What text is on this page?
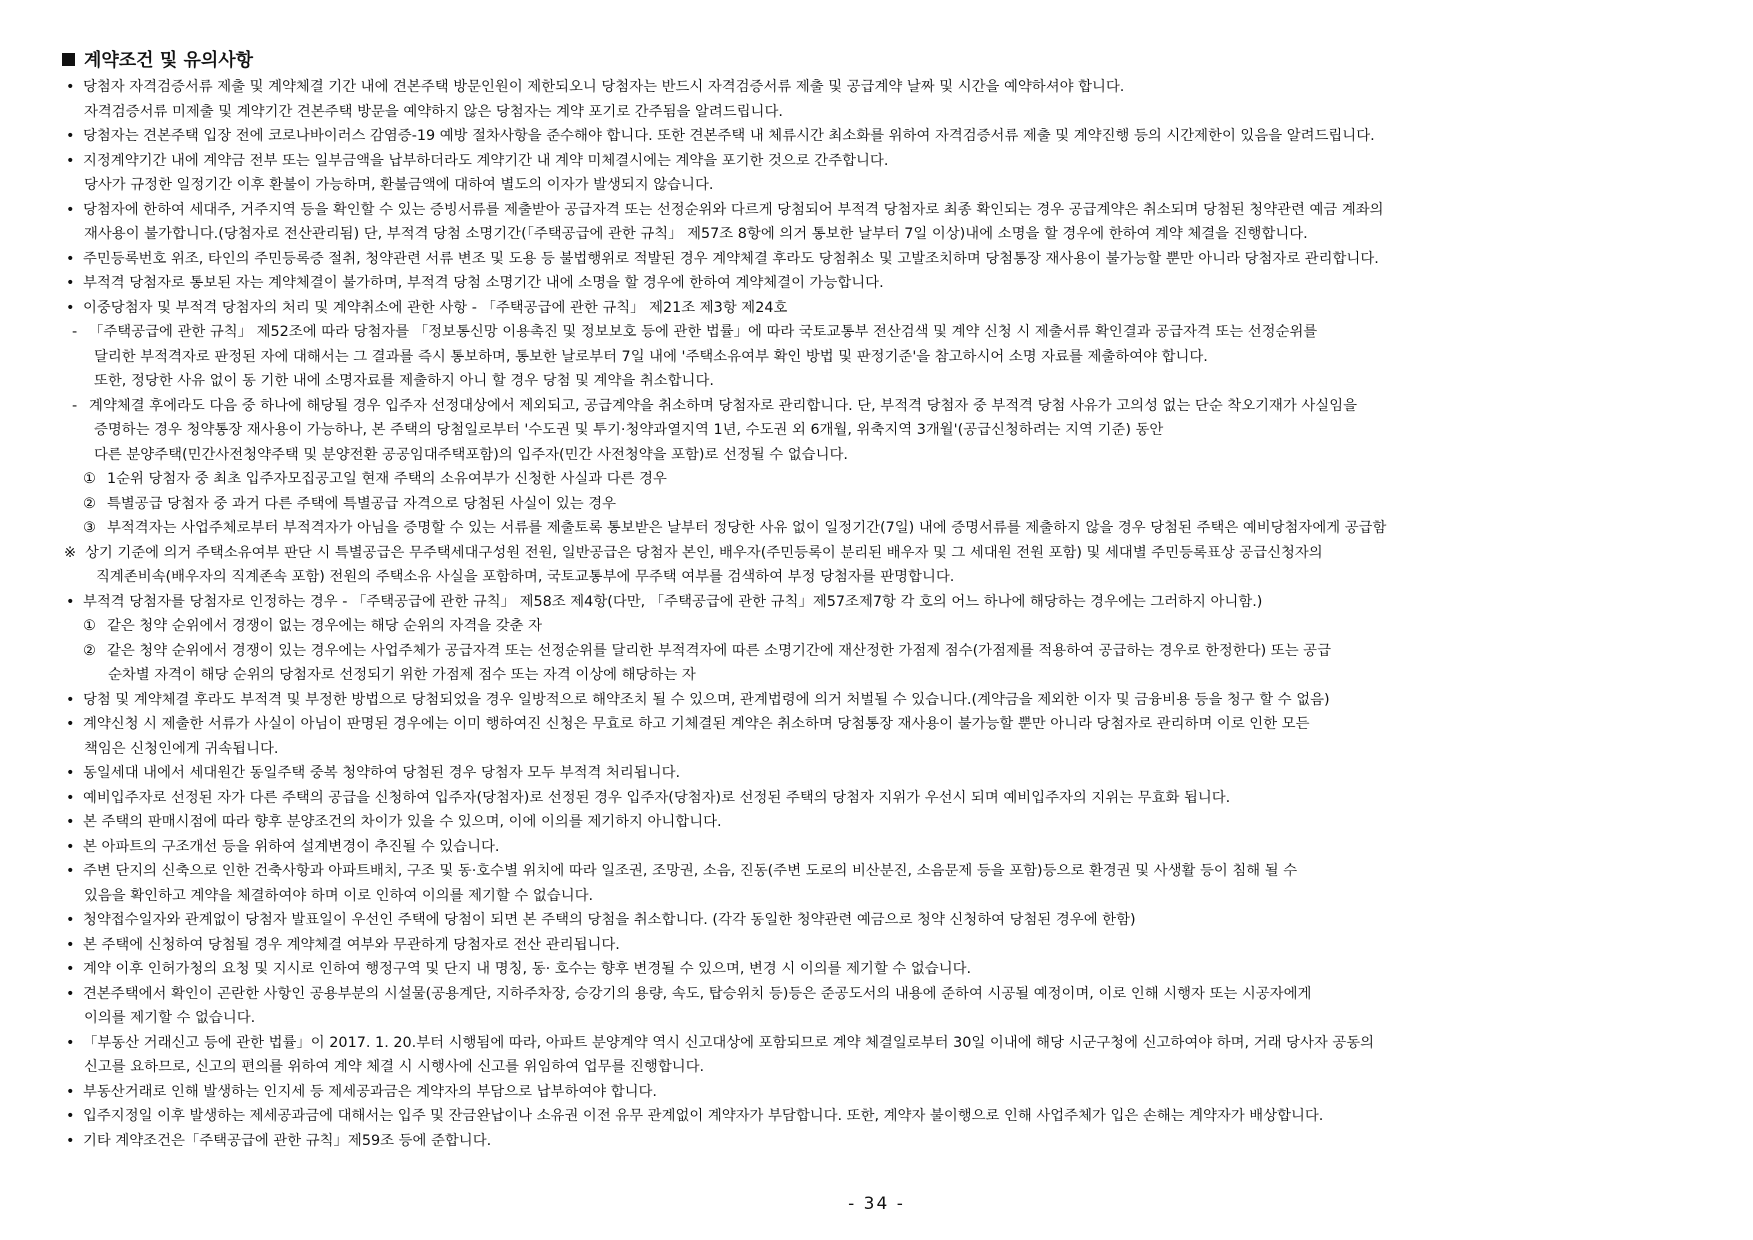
계약조건 및 유의사항
• 당첨자 자격검증서류 제출 및 계약체결 기간 내에 견본주택 방문인원이 제한되오니 당첨자는 반드시 자격검증서류 제출 및 공급계약 날짜 및 시간을 예약하셔야 합니다.
자격검증서류 미제출 및 계약기간 견본주택 방문을 예약하지 않은 당첨자는 계약 포기로 간주됨을 알려드립니다.
• 당첨자는 견본주택 입장 전에 코로나바이러스 감염증-19 예방 절차사항을 준수해야 합니다. 또한 견본주택 내 체류시간 최소화를 위하여 자격검증서류 제출 및 계약진행 등의 시간제한이 있음을 알려드립니다.
• 지정계약기간 내에 계약금 전부 또는 일부금액을 납부하더라도 계약기간 내 계약 미체결시에는 계약을 포기한 것으로 간주합니다.
당사가 규정한 일정기간 이후 환불이 가능하며, 환불금액에 대하여 별도의 이자가 발생되지 않습니다.
• 당첨자에 한하여 세대주, 거주지역 등을 확인할 수 있는 증빙서류를 제출받아 공급자격 또는 선정순위와 다르게 당첨되어 부적격 당첨자로 최종 확인되는 경우 공급계약은 취소되며 당첨된 청약관련 예금 계좌의
재사용이 불가합니다.(당첨자로 전산관리됨) 단, 부적격 당첨 소명기간(「주택공급에 관한 규칙」 제57조 8항에 의거 통보한 날부터 7일 이상)내에 소명을 할 경우에 한하여 계약 체결을 진행합니다.
• 주민등록번호 위조, 타인의 주민등록증 절취, 청약관련 서류 변조 및 도용 등 불법행위로 적발된 경우 계약체결 후라도 당첨취소 및 고발조치하며 당첨통장 재사용이 불가능할 뿐만 아니라 당첨자로 관리합니다.
• 부적격 당첨자로 통보된 자는 계약체결이 불가하며, 부적격 당첨 소명기간 내에 소명을 할 경우에 한하여 계약체결이 가능합니다.
• 이중당첨자 및 부적격 당첨자의 처리 및 계약취소에 관한 사항 - 「주택공급에 관한 규칙」 제21조 제3항 제24호
- 「주택공급에 관한 규칙」 제52조에 따라 당첨자를 「정보통신망 이용촉진 및 정보보호 등에 관한 법률」에 따라 국토교통부 전산검색 및 계약 신청 시 제출서류 확인결과 공급자격 또는 선정순위를
달리한 부적격자로 판정된 자에 대해서는 그 결과를 즉시 통보하며, 통보한 날로부터 7일 내에 '주택소유여부 확인 방법 및 판정기준'을 참고하시어 소명 자료를 제출하여야 합니다.
또한, 정당한 사유 없이 동 기한 내에 소명자료를 제출하지 아니 할 경우 당첨 및 계약을 취소합니다.
- 계약체결 후에라도 다음 중 하나에 해당될 경우 입주자 선정대상에서 제외되고, 공급계약을 취소하며 당첨자로 관리합니다. 단, 부적격 당첨자 중 부적격 당첨 사유가 고의성 없는 단순 착오기재가 사실임을
증명하는 경우 청약통장 재사용이 가능하나, 본 주택의 당첨일로부터 '수도권 및 투기·청약과열지역 1년, 수도권 외 6개월, 위축지역 3개월'(공급신청하려는 지역 기준) 동안
다른 분양주택(민간사전청약주택 및 분양전환 공공임대주택포함)의 입주자(민간 사전청약을 포함)로 선정될 수 없습니다.
① 1순위 당첨자 중 최초 입주자모집공고일 현재 주택의 소유여부가 신청한 사실과 다른 경우
② 특별공급 당첨자 중 과거 다른 주택에 특별공급 자격으로 당첨된 사실이 있는 경우
③ 부적격자는 사업주체로부터 부적격자가 아님을 증명할 수 있는 서류를 제출토록 통보받은 날부터 정당한 사유 없이 일정기간(7일) 내에 증명서류를 제출하지 않을 경우 당첨된 주택은 예비당첨자에게 공급함
※ 상기 기준에 의거 주택소유여부 판단 시 특별공급은 무주택세대구성원 전원, 일반공급은 당첨자 본인, 배우자(주민등록이 분리된 배우자 및 그 세대원 전원 포함) 및 세대별 주민등록표상 공급신청자의
직계존비속(배우자의 직계존속 포함) 전원의 주택소유 사실을 포함하며, 국토교통부에 무주택 여부를 검색하여 부정 당첨자를 판명합니다.
• 부적격 당첨자를 당첨자로 인정하는 경우 - 「주택공급에 관한 규칙」 제58조 제4항(다만, 「주택공급에 관한 규칙」제57조제7항 각 호의 어느 하나에 해당하는 경우에는 그러하지 아니함.)
① 같은 청약 순위에서 경쟁이 없는 경우에는 해당 순위의 자격을 갖춘 자
② 같은 청약 순위에서 경쟁이 있는 경우에는 사업주체가 공급자격 또는 선정순위를 달리한 부적격자에 따른 소명기간에 재산정한 가점제 점수(가점제를 적용하여 공급하는 경우로 한정한다) 또는 공급
순차별 자격이 해당 순위의 당첨자로 선정되기 위한 가점제 점수 또는 자격 이상에 해당하는 자
• 당첨 및 계약체결 후라도 부적격 및 부정한 방법으로 당첨되었을 경우 일방적으로 해약조치 될 수 있으며, 관계법령에 의거 처벌될 수 있습니다.(계약금을 제외한 이자 및 금융비용 등을 청구 할 수 없음)
• 계약신청 시 제출한 서류가 사실이 아님이 판명된 경우에는 이미 행하여진 신청은 무효로 하고 기체결된 계약은 취소하며 당첨통장 재사용이 불가능할 뿐만 아니라 당첨자로 관리하며 이로 인한 모든
책임은 신청인에게 귀속됩니다.
• 동일세대 내에서 세대원간 동일주택 중복 청약하여 당첨된 경우 당첨자 모두 부적격 처리됩니다.
• 예비입주자로 선정된 자가 다른 주택의 공급을 신청하여 입주자(당첨자)로 선정된 경우 입주자(당첨자)로 선정된 주택의 당첨자 지위가 우선시 되며 예비입주자의 지위는 무효화 됩니다.
• 본 주택의 판매시점에 따라 향후 분양조건의 차이가 있을 수 있으며, 이에 이의를 제기하지 아니합니다.
• 본 아파트의 구조개선 등을 위하여 설계변경이 추진될 수 있습니다.
• 주변 단지의 신축으로 인한 건축사항과 아파트배치, 구조 및 동·호수별 위치에 따라 일조권, 조망권, 소음, 진동(주변 도로의 비산분진, 소음문제 등을 포함)등으로 환경권 및 사생활 등이 침해 될 수
있음을 확인하고 계약을 체결하여야 하며 이로 인하여 이의를 제기할 수 없습니다.
• 청약접수일자와 관계없이 당첨자 발표일이 우선인 주택에 당첨이 되면 본 주택의 당첨을 취소합니다. (각각 동일한 청약관련 예금으로 청약 신청하여 당첨된 경우에 한함)
• 본 주택에 신청하여 당첨될 경우 계약체결 여부와 무관하게 당첨자로 전산 관리됩니다.
• 계약 이후 인허가청의 요청 및 지시로 인하여 행정구역 및 단지 내 명칭, 동· 호수는 향후 변경될 수 있으며, 변경 시 이의를 제기할 수 없습니다.
• 견본주택에서 확인이 곤란한 사항인 공용부분의 시설물(공용계단, 지하주차장, 승강기의 용량, 속도, 탑승위치 등)등은 준공도서의 내용에 준하여 시공될 예정이며, 이로 인해 시행자 또는 시공자에게
이의를 제기할 수 없습니다.
• 「부동산 거래신고 등에 관한 법률」이 2017. 1. 20.부터 시행됨에 따라, 아파트 분양계약 역시 신고대상에 포함되므로 계약 체결일로부터 30일 이내에 해당 시군구청에 신고하여야 하며, 거래 당사자 공동의
신고를 요하므로, 신고의 편의를 위하여 계약 체결 시 시행사에 신고를 위임하여 업무를 진행합니다.
• 부동산거래로 인해 발생하는 인지세 등 제세공과금은 계약자의 부담으로 납부하여야 합니다.
• 입주지정일 이후 발생하는 제세공과금에 대해서는 입주 및 잔금완납이나 소유권 이전 유무 관계없이 계약자가 부담합니다. 또한, 계약자 불이행으로 인해 사업주체가 입은 손해는 계약자가 배상합니다.
• 기타 계약조건은「주택공급에 관한 규칙」제59조 등에 준합니다.
- 34 -
